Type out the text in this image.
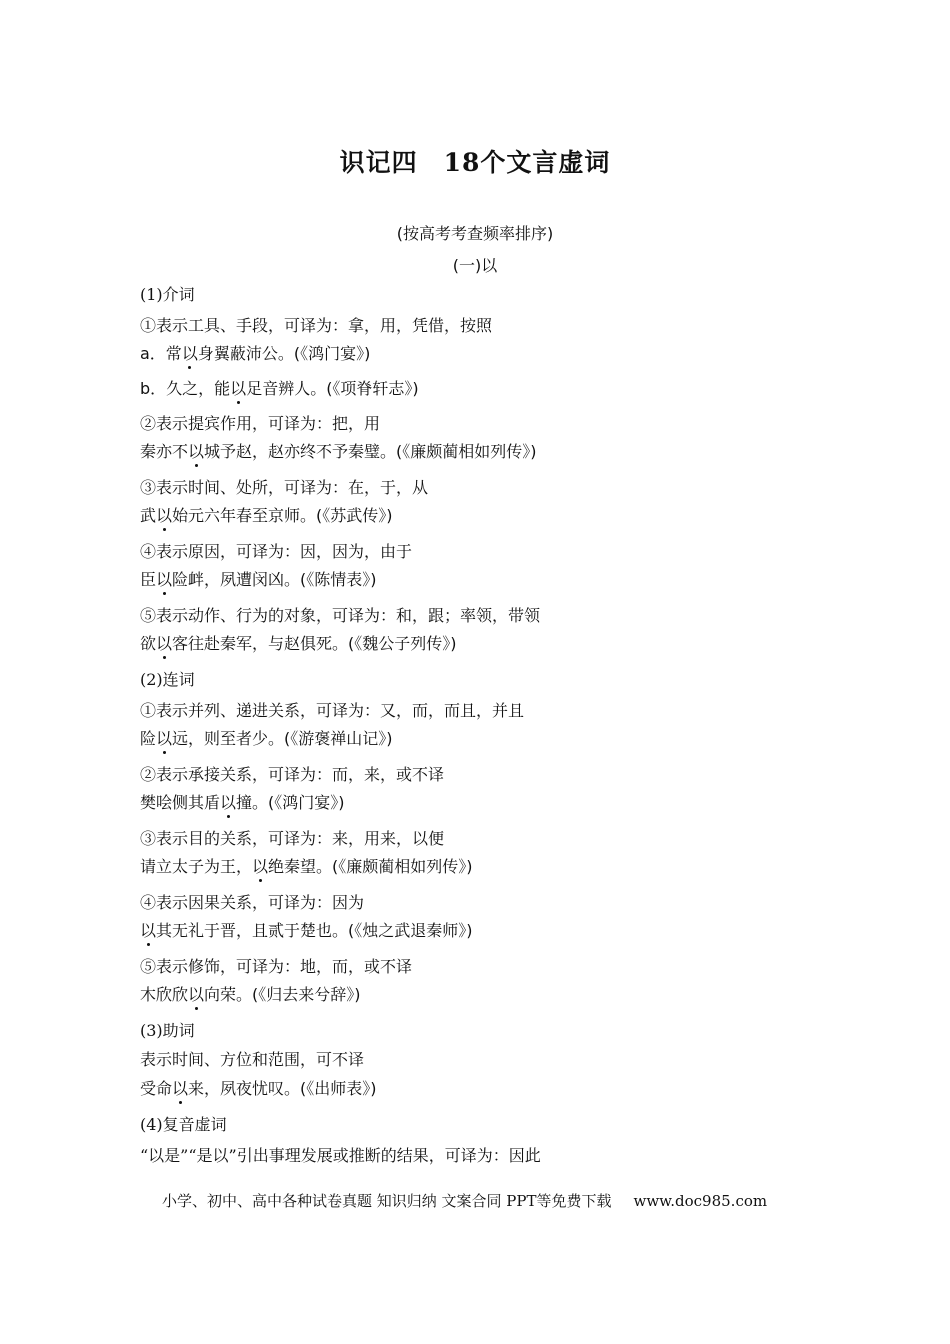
识记四　18个文言虚词
(按高考考查频率排序)
(一)以
(1)介词
①表示工具、手段，可译为：拿，用，凭借，按照
a．常以身翼蔽沛公。(《鸿门宴》)
b．久之，能以足音辨人。(《项脊轩志》)
②表示提宾作用，可译为：把，用
秦亦不以城予赵，赵亦终不予秦璧。(《廉颇蔺相如列传》)
③表示时间、处所，可译为：在，于，从
武以始元六年春至京师。(《苏武传》)
④表示原因，可译为：因，因为，由于
臣以险衅，夙遭闵凶。(《陈情表》)
⑤表示动作、行为的对象，可译为：和，跟；率领，带领
欲以客往赴秦军，与赵俱死。(《魏公子列传》)
(2)连词
①表示并列、递进关系，可译为：又，而，而且，并且
险以远，则至者少。(《游褒禅山记》)
②表示承接关系，可译为：而，来，或不译
樊哙侧其盾以撞。(《鸿门宴》)
③表示目的关系，可译为：来，用来，以便
请立太子为王，以绝秦望。(《廉颇蔺相如列传》)
④表示因果关系，可译为：因为
以其无礼于晋，且贰于楚也。(《烛之武退秦师》)
⑤表示修饰，可译为：地，而，或不译
木欣欣以向荣。(《归去来兮辞》)
(3)助词
表示时间、方位和范围，可不译
受命以来，夙夜忧叹。(《出师表》)
(4)复音虚词
“以是”“是以”引出事理发展或推断的结果，可译为：因此
小学、初中、高中各种试卷真题 知识归纳 文案合同 PPT等免费下载 www.doc985.com
